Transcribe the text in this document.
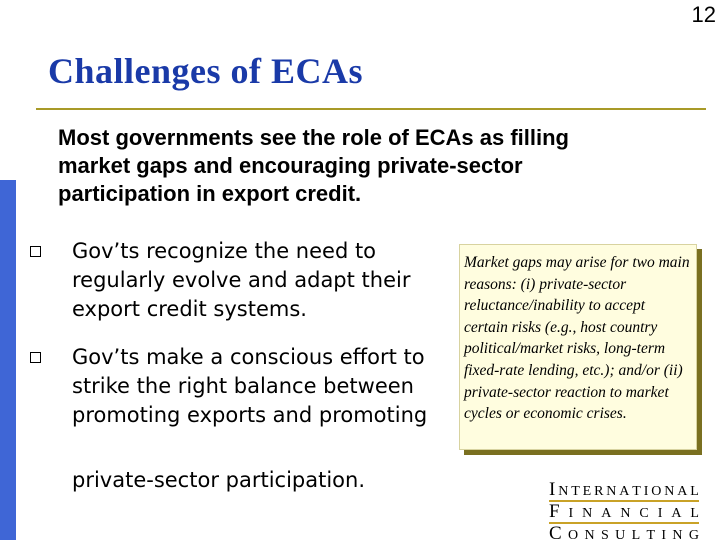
12
Challenges of ECAs
Most governments see the role of ECAs as filling market gaps and encouraging private-sector participation in export credit.
Gov’ts recognize the need to regularly evolve and adapt their export credit systems.
Gov’ts make a conscious effort to strike the right balance between promoting exports and promoting
private-sector participation.
Market gaps may arise for two main reasons: (i) private-sector reluctance/inability to accept certain risks (e.g., host country political/market risks, long-term fixed-rate lending, etc.); and/or (ii) private-sector reaction to market cycles or economic crises.
I N T E R N A T I O N A L
F I N A N C I A L
C O N S U L T I N G
